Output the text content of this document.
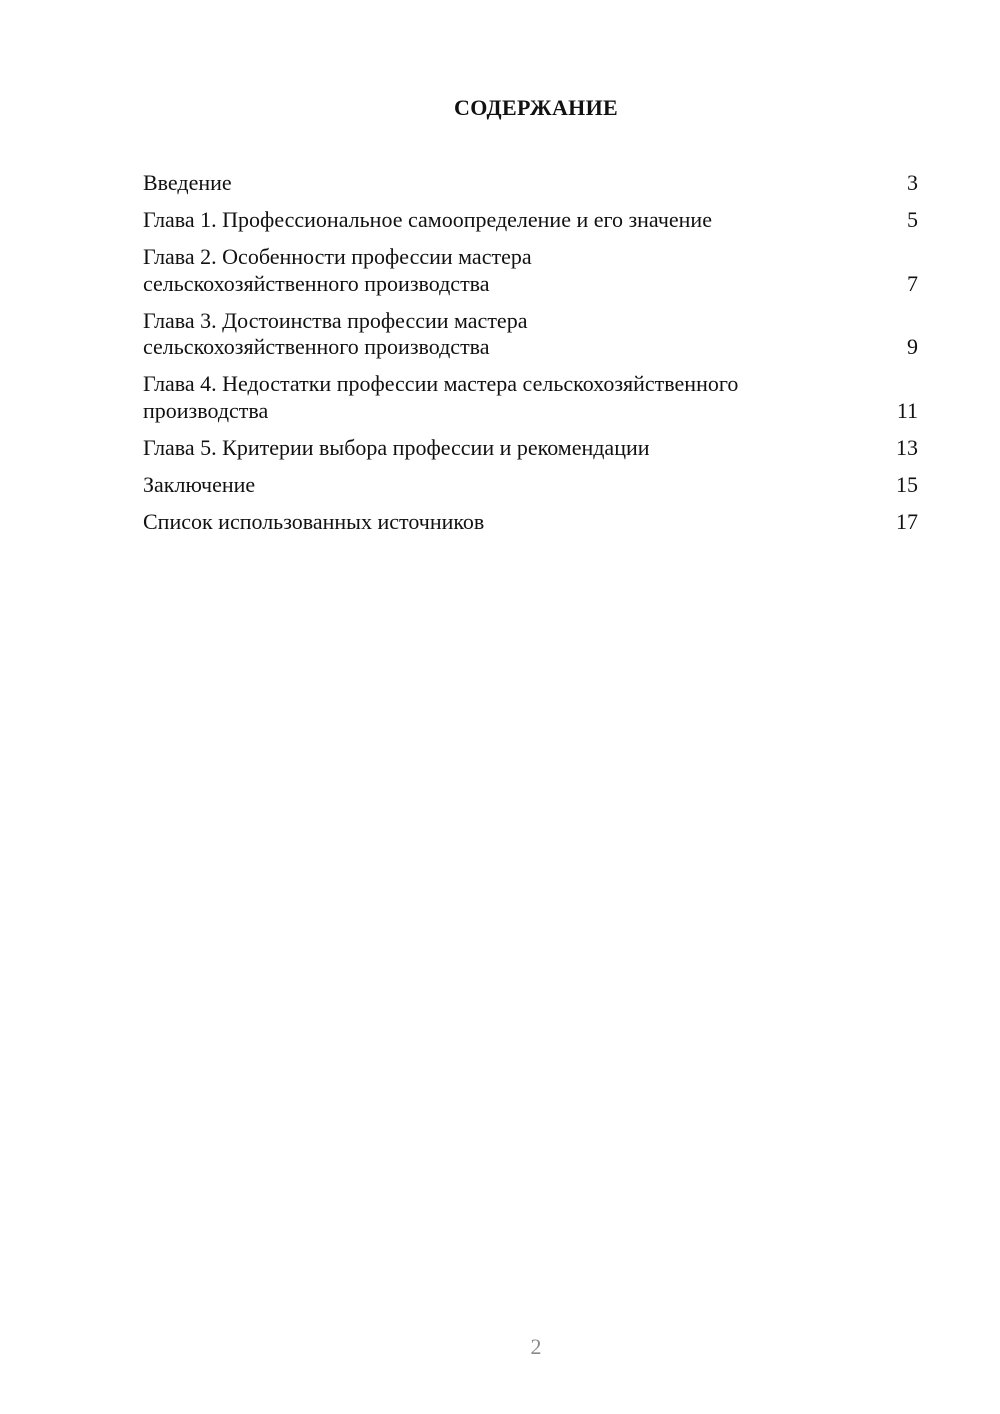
СОДЕРЖАНИЕ
Введение	3
Глава 1. Профессиональное самоопределение и его значение	5
Глава 2. Особенности профессии мастера сельскохозяйственного производства	7
Глава 3. Достоинства профессии мастера сельскохозяйственного производства	9
Глава 4. Недостатки профессии мастера сельскохозяйственного производства	11
Глава 5. Критерии выбора профессии и рекомендации	13
Заключение	15
Список использованных источников	17
2
